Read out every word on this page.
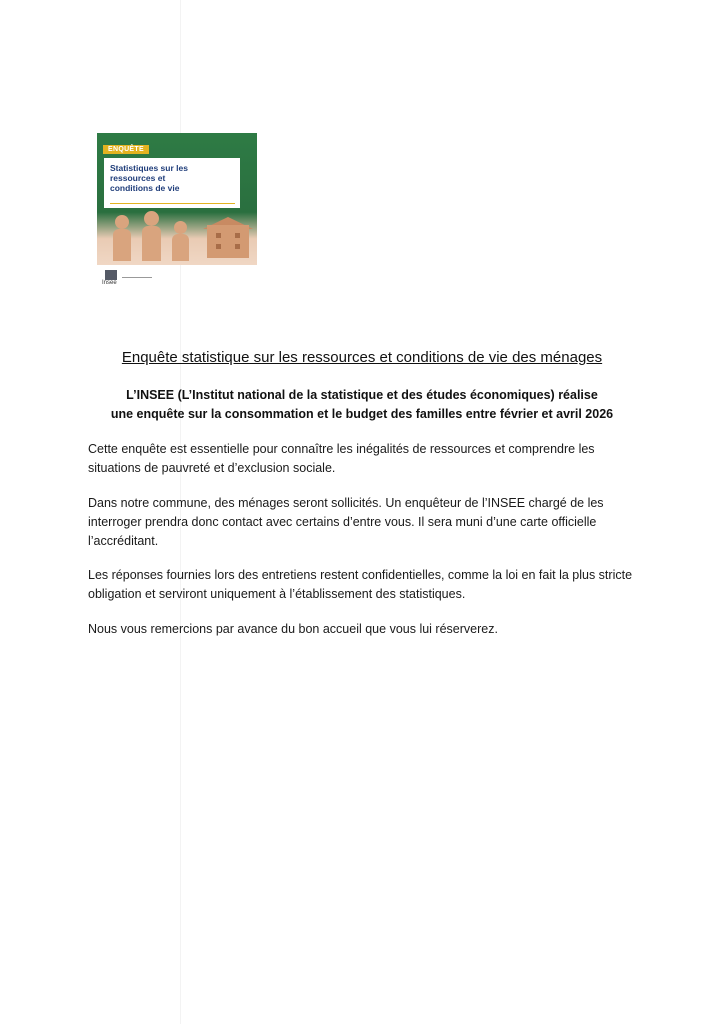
ENQUÊTE
Statistiques sur les ressources et conditions de vie
Insee
Enquête statistique sur les ressources et conditions de vie des ménages
L’INSEE (L’Institut national de la statistique et des études économiques) réalise
une enquête sur la consommation et le budget des familles entre février et avril 2026

Cette enquête est essentielle pour connaître les inégalités de ressources et comprendre les situations de pauvreté et d’exclusion sociale.

Dans notre commune, des ménages seront sollicités. Un enquêteur de l’INSEE chargé de les interroger prendra donc contact avec certains d’entre vous. Il sera muni d’une carte officielle l’accréditant.

Les réponses fournies lors des entretiens restent confidentielles, comme la loi en fait la plus stricte obligation et serviront uniquement à l’établissement des statistiques.

Nous vous remercions par avance du bon accueil que vous lui réserverez.
